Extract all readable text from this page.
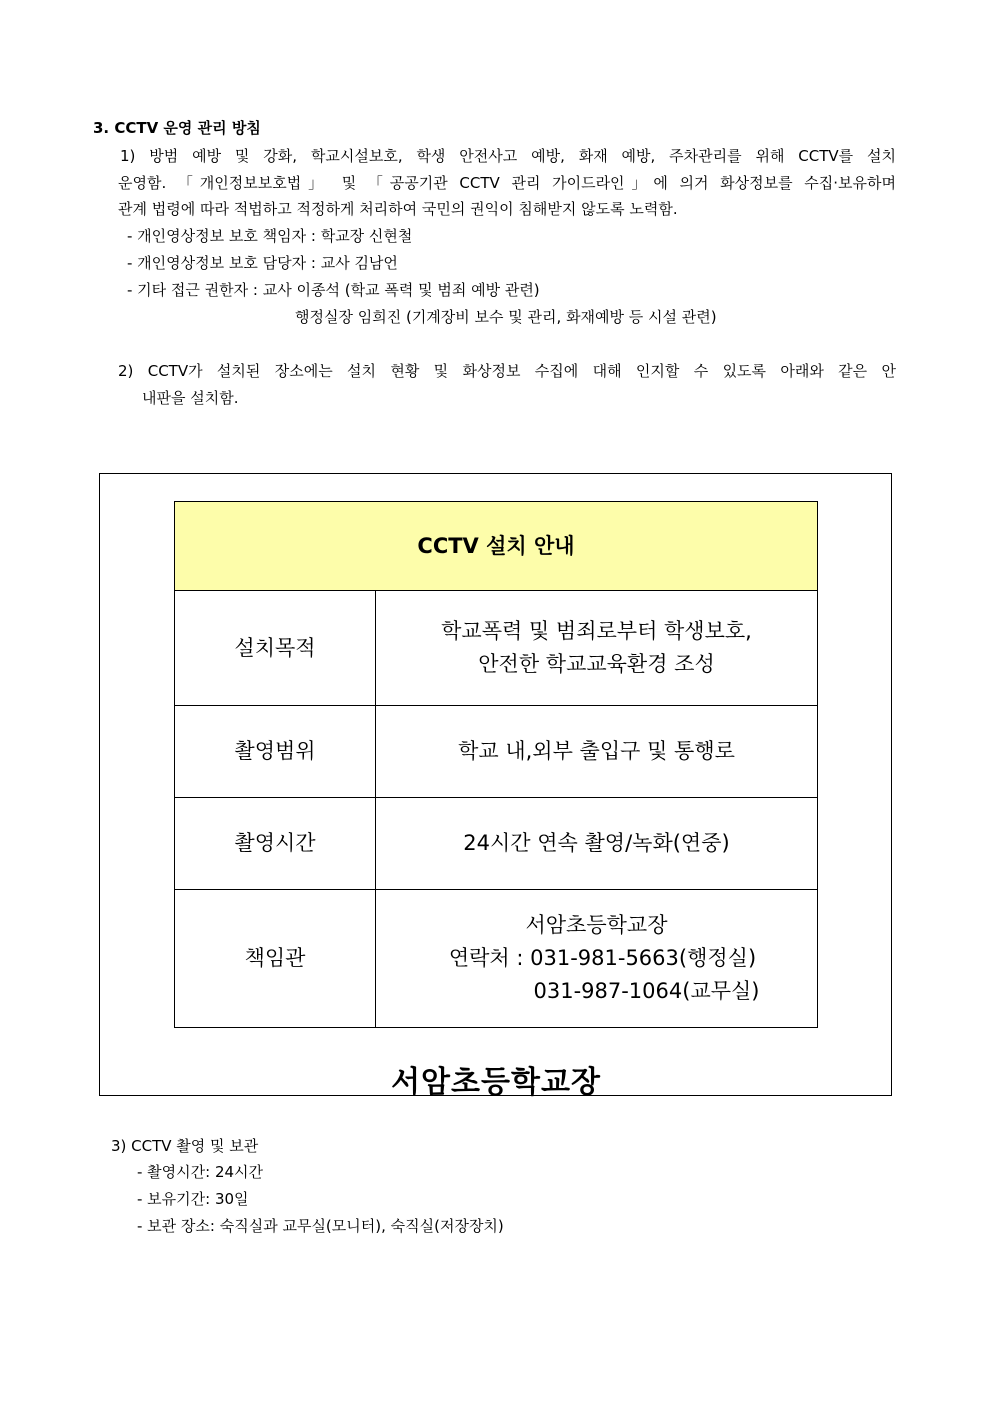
3. CCTV 운영 관리 방침
1) 방범 예방 및 강화, 학교시설보호, 학생 안전사고 예방, 화재 예방, 주차관리를 위해 CCTV를 설치
운영함. 「개인정보보호법」 및 「공공기관 CCTV 관리 가이드라인」에 의거 화상정보를 수집·보유하며
관계 법령에 따라 적법하고 적정하게 처리하여 국민의 권익이 침해받지 않도록 노력함.
- 개인영상정보 보호 책임자 : 학교장 신현철
- 개인영상정보 보호 담당자 : 교사 김남언
- 기타 접근 권한자 : 교사 이종석 (학교 폭력 및 범죄 예방 관련)
행정실장 임희진 (기계장비 보수 및 관리, 화재예방 등 시설 관련)
2) CCTV가 설치된 장소에는 설치 현황 및 화상정보 수집에 대해 인지할 수 있도록 아래와 같은 안
내판을 설치함.
CCTV 설치 안내	
설치목적	학교폭력 및 범죄로부터 학생보호,
안전한 학교교육환경 조성

촬영범위	학교 내,외부 출입구 및 통행로

촬영시간	24시간 연속 촬영/녹화(연중)

책임관	서암초등학교장
연락처 : 031-981-5663(행정실)
031-987-1064(교무실)
서암초등학교장
3) CCTV 촬영 및 보관
- 촬영시간: 24시간
- 보유기간: 30일
- 보관 장소: 숙직실과 교무실(모니터), 숙직실(저장장치)
